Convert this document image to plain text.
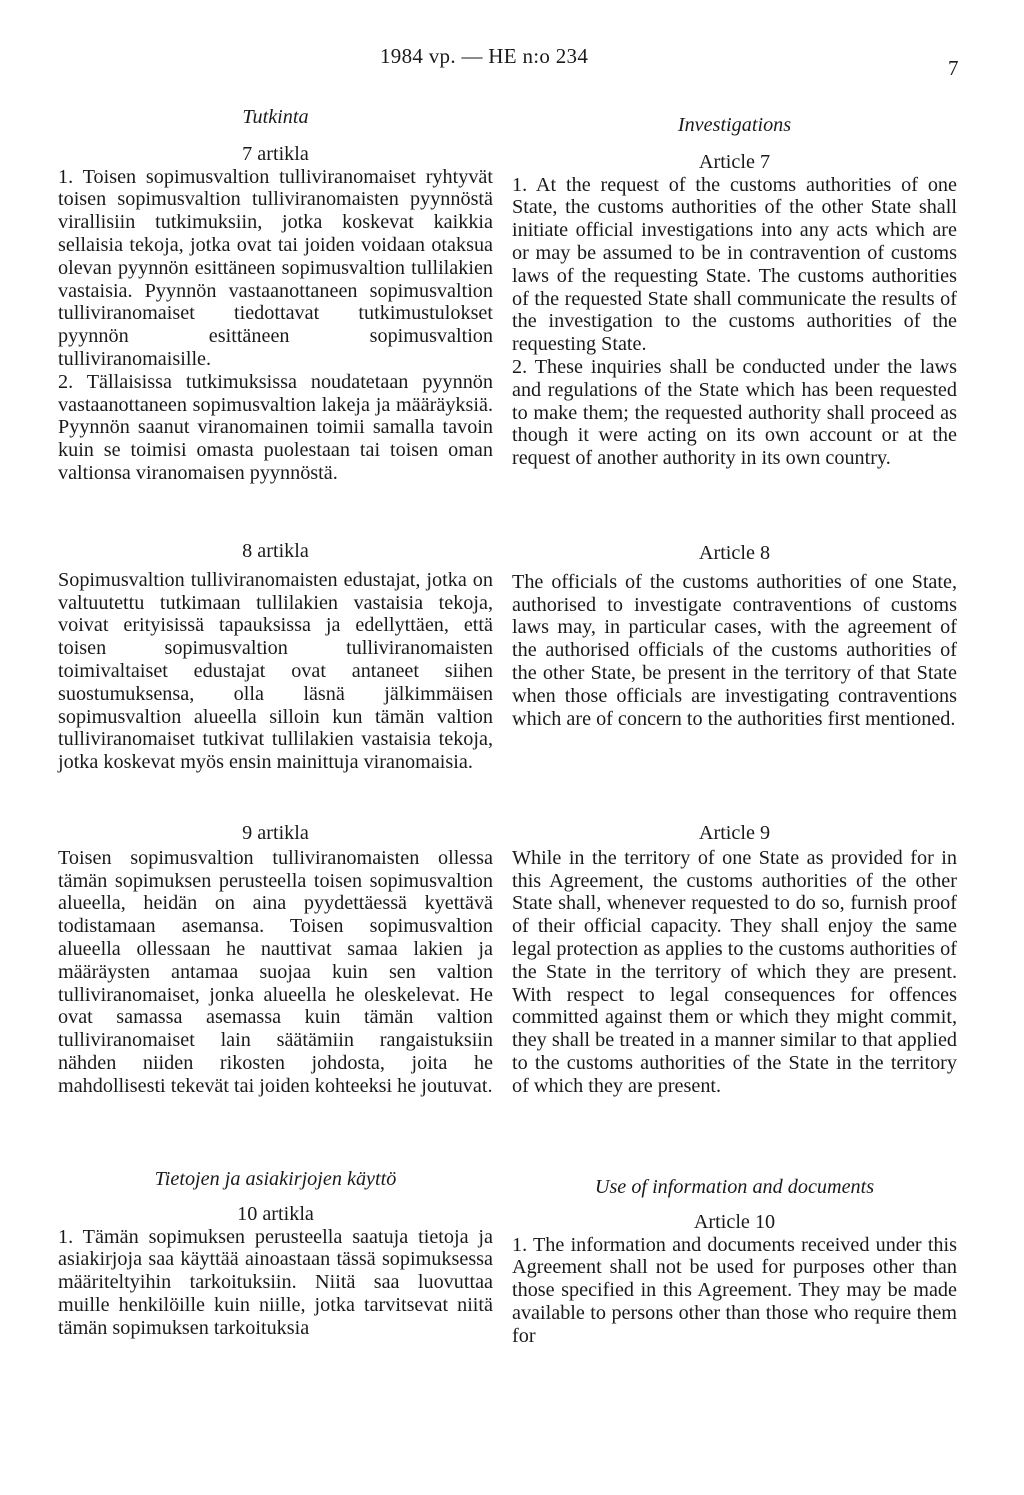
1984 vp. — HE n:o 234	7
Tutkinta
7 artikla

1. Toisen sopimusvaltion tulliviranomaiset ryhtyvät toisen sopimusvaltion tulliviranomaisten pyynnöstä virallisiin tutkimuksiin, jotka koskevat kaikkia sellaisia tekoja, jotka ovat tai joiden voidaan otaksua olevan pyynnön esittäneen sopimusvaltion tullilakien vastaisia. Pyynnön vastaanottaneen sopimusvaltion tulliviranomaiset tiedottavat tutkimustulokset pyynnön esittäneen sopimusvaltion tulliviranomaisille.

2. Tällaisissa tutkimuksissa noudatetaan pyynnön vastaanottaneen sopimusvaltion lakeja ja määräyksiä. Pyynnön saanut viranomainen toimii samalla tavoin kuin se toimisi omasta puolestaan tai toisen oman valtionsa viranomaisen pyynnöstä.

8 artikla

Sopimusvaltion tulliviranomaisten edustajat, jotka on valtuutettu tutkimaan tullilakien vastaisia tekoja, voivat erityisissä tapauksissa ja edellyttäen, että toisen sopimusvaltion tulliviranomaisten toimivaltaiset edustajat ovat antaneet siihen suostumuksensa, olla läsnä jälkimmäisen sopimusvaltion alueella silloin kun tämän valtion tulliviranomaiset tutkivat tullilakien vastaisia tekoja, jotka koskevat myös ensin mainittuja viranomaisia.

9 artikla

Toisen sopimusvaltion tulliviranomaisten ollessa tämän sopimuksen perusteella toisen sopimusvaltion alueella, heidän on aina pyydettäessä kyettävä todistamaan asemansa. Toisen sopimusvaltion alueella ollessaan he nauttivat samaa lakien ja määräysten antamaa suojaa kuin sen valtion tulliviranomaiset, jonka alueella he oleskelevat. He ovat samassa asemassa kuin tämän valtion tulliviranomaiset lain säätämiin rangaistuksiin nähden niiden rikosten johdosta, joita he mahdollisesti tekevät tai joiden kohteeksi he joutuvat.

Tietojen ja asiakirjojen käyttö
10 artikla

1. Tämän sopimuksen perusteella saatuja tietoja ja asiakirjoja saa käyttää ainoastaan tässä sopimuksessa määriteltyihin tarkoituksiin. Niitä saa luovuttaa muille henkilöille kuin niille, jotka tarvitsevat niitä tämän sopimuksen tarkoituksia

Investigations
Article 7

1. At the request of the customs authorities of one State, the customs authorities of the other State shall initiate official investigations into any acts which are or may be assumed to be in contravention of customs laws of the requesting State. The customs authorities of the requested State shall communicate the results of the investigation to the customs authorities of the requesting State.

2. These inquiries shall be conducted under the laws and regulations of the State which has been requested to make them; the requested authority shall proceed as though it were acting on its own account or at the request of another authority in its own country.

Article 8

The officials of the customs authorities of one State, authorised to investigate contraventions of customs laws may, in particular cases, with the agreement of the authorised officials of the customs authorities of the other State, be present in the territory of that State when those officials are investigating contraventions which are of concern to the authorities first mentioned.

Article 9

While in the territory of one State as provided for in this Agreement, the customs authorities of the other State shall, whenever requested to do so, furnish proof of their official capacity. They shall enjoy the same legal protection as applies to the customs authorities of the State in the territory of which they are present. With respect to legal consequences for offences committed against them or which they might commit, they shall be treated in a manner similar to that applied to the customs authorities of the State in the territory of which they are present.

Use of information and documents
Article 10

1. The information and documents received under this Agreement shall not be used for purposes other than those specified in this Agreement. They may be made available to persons other than those who require them for
